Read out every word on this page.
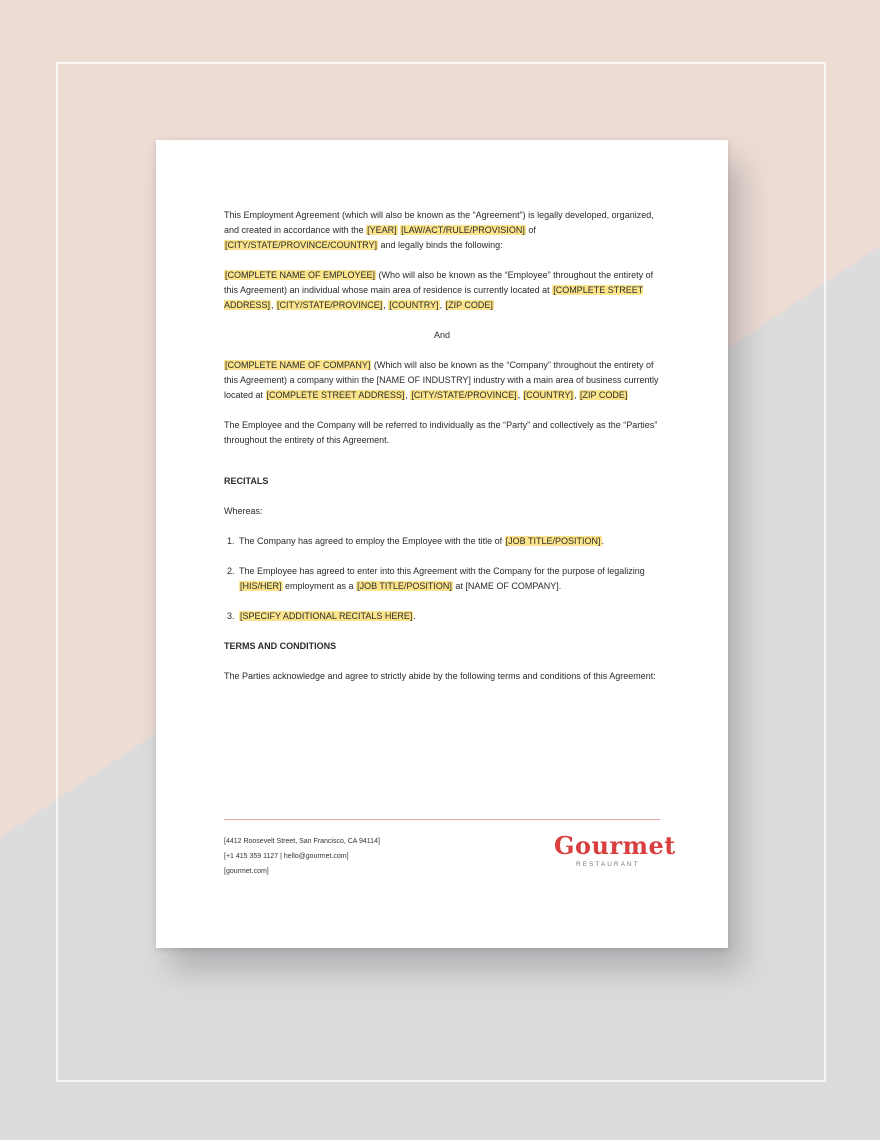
This Employment Agreement (which will also be known as the “Agreement”) is legally developed, organized, and created in accordance with the [YEAR] [LAW/ACT/RULE/PROVISION] of [CITY/STATE/PROVINCE/COUNTRY] and legally binds the following:

[COMPLETE NAME OF EMPLOYEE] (Who will also be known as the “Employee” throughout the entirety of this Agreement) an individual whose main area of residence is currently located at [COMPLETE STREET ADDRESS], [CITY/STATE/PROVINCE], [COUNTRY], [ZIP CODE]

And

[COMPLETE NAME OF COMPANY] (Which will also be known as the “Company” throughout the entirety of this Agreement) a company within the [NAME OF INDUSTRY] industry with a main area of business currently located at [COMPLETE STREET ADDRESS], [CITY/STATE/PROVINCE], [COUNTRY], [ZIP CODE]

The Employee and the Company will be referred to individually as the “Party” and collectively as the “Parties” throughout the entirety of this Agreement.

RECITALS

Whereas:

1. The Company has agreed to employ the Employee with the title of [JOB TITLE/POSITION].
2. The Employee has agreed to enter into this Agreement with the Company for the purpose of legalizing [HIS/HER] employment as a [JOB TITLE/POSITION] at [NAME OF COMPANY].
3. [SPECIFY ADDITIONAL RECITALS HERE].

TERMS AND CONDITIONS

The Parties acknowledge and agree to strictly abide by the following terms and conditions of this Agreement:

[4412 Roosevelt Street, San Francisco, CA 94114]
[+1 415 359 1127 | hello@gourmet.com]
[gourmet.com]
Gourmet
RESTAURANT
